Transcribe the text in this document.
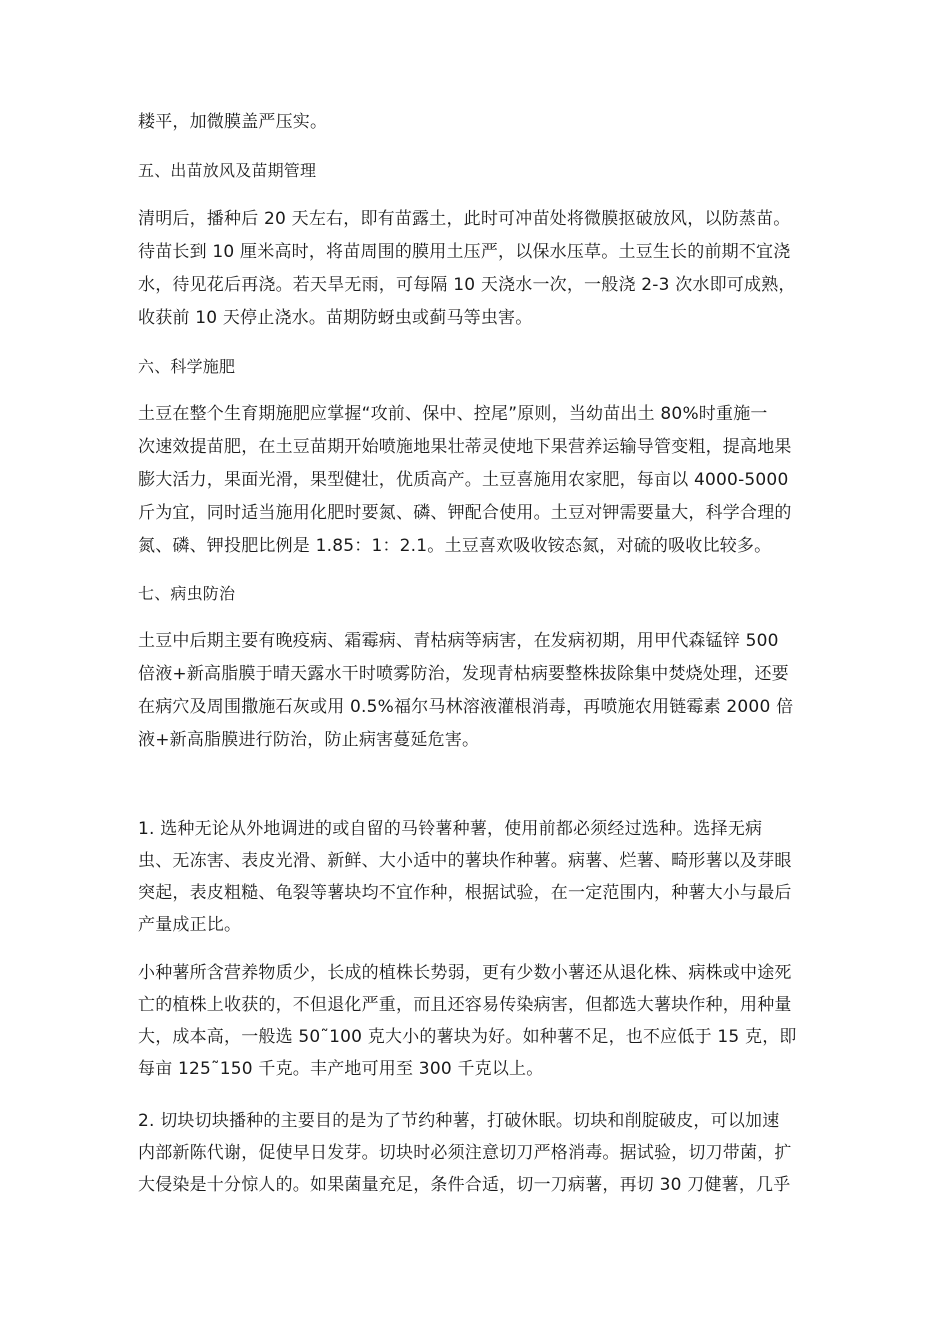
耧平，加微膜盖严压实。
五、出苗放风及苗期管理
清明后，播种后 20 天左右，即有苗露土，此时可冲苗处将微膜抠破放风，以防蒸苗。
待苗长到 10 厘米高时，将苗周围的膜用土压严，以保水压草。土豆生长的前期不宜浇
水，待见花后再浇。若天旱无雨，可每隔 10 天浇水一次，一般浇 2-3 次水即可成熟，
收获前 10 天停止浇水。苗期防蚜虫或蓟马等虫害。
六、科学施肥
土豆在整个生育期施肥应掌握“攻前、保中、控尾”原则，当幼苗出土 80%时重施一
次速效提苗肥，在土豆苗期开始喷施地果壮蒂灵使地下果营养运输导管变粗，提高地果
膨大活力，果面光滑，果型健壮，优质高产。土豆喜施用农家肥，每亩以 4000-5000
斤为宜，同时适当施用化肥时要氮、磷、钾配合使用。土豆对钾需要量大，科学合理的
氮、磷、钾投肥比例是 1.85：1：2.1。土豆喜欢吸收铵态氮，对硫的吸收比较多。
七、病虫防治
土豆中后期主要有晚疫病、霜霉病、青枯病等病害，在发病初期，用甲代森锰锌 500
倍液+新高脂膜于晴天露水干时喷雾防治，发现青枯病要整株拔除集中焚烧处理，还要
在病穴及周围撒施石灰或用 0.5%福尔马林溶液灌根消毒，再喷施农用链霉素 2000 倍
液+新高脂膜进行防治，防止病害蔓延危害。
1. 选种无论从外地调进的或自留的马铃薯种薯，使用前都必须经过选种。选择无病
虫、无冻害、表皮光滑、新鲜、大小适中的薯块作种薯。病薯、烂薯、畸形薯以及芽眼
突起，表皮粗糙、龟裂等薯块均不宜作种，根据试验，在一定范围内，种薯大小与最后
产量成正比。
小种薯所含营养物质少，长成的植株长势弱，更有少数小薯还从退化株、病株或中途死
亡的植株上收获的，不但退化严重，而且还容易传染病害，但都选大薯块作种，用种量
大，成本高，一般选 50˜100 克大小的薯块为好。如种薯不足，也不应低于 15 克，即
每亩 125˜150 千克。丰产地可用至 300 千克以上。
2. 切块切块播种的主要目的是为了节约种薯，打破休眠。切块和削腚破皮，可以加速
内部新陈代谢，促使早日发芽。切块时必须注意切刀严格消毒。据试验，切刀带菌，扩
大侵染是十分惊人的。如果菌量充足，条件合适，切一刀病薯，再切 30 刀健薯，几乎
